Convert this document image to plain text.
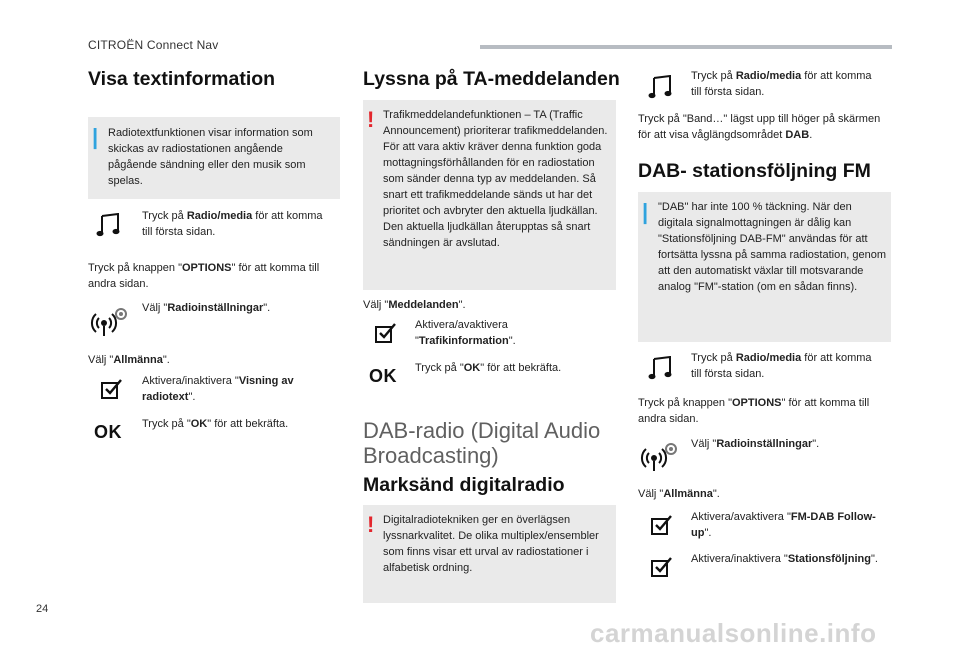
CITROËN Connect Nav
24
Visa textinformation
| Radiotextfunktionen visar information som skickas av radiostationen angående pågående sändning eller den musik som spelas.
Tryck på Radio/media för att komma till första sidan.
Tryck på knappen "OPTIONS" för att komma till andra sidan.
Välj "Radioinställningar".
Välj "Allmänna".
Aktivera/inaktivera "Visning av radiotext".
OK Tryck på "OK" för att bekräfta.
Lyssna på TA-meddelanden
! Trafikmeddelandefunktionen – TA (Traffic Announcement) prioriterar trafikmeddelanden. För att vara aktiv kräver denna funktion goda mottagningsförhållanden för en radiostation som sänder denna typ av meddelanden. Så snart ett trafikmeddelande sänds ut har det prioritet och avbryter den aktuella ljudkällan. Den aktuella ljudkällan återupptas så snart sändningen är avslutad.
Välj "Meddelanden".
Aktivera/avaktivera "Trafikinformation".
OK Tryck på "OK" för att bekräfta.
DAB-radio (Digital Audio Broadcasting)
Marksänd digitalradio
! Digitalradiotekniken ger en överlägsen lyssnarkvalitet. De olika multiplex/ensembler som finns visar ett urval av radiostationer i alfabetisk ordning.
Tryck på Radio/media för att komma till första sidan.
Tryck på "Band…" lägst upp till höger på skärmen för att visa våglängdsområdet DAB.
DAB- stationsföljning FM
| "DAB" har inte 100 % täckning. När den digitala signalmottagningen är dålig kan "Stationsföljning DAB-FM" användas för att fortsätta lyssna på samma radiostation, genom att den automatiskt växlar till motsvarande analog "FM"-station (om en sådan finns).
Tryck på Radio/media för att komma till första sidan.
Tryck på knappen "OPTIONS" för att komma till andra sidan.
Välj "Radioinställningar".
Välj "Allmänna".
Aktivera/avaktivera "FM-DAB Follow-up".
Aktivera/inaktivera "Stationsföljning".
carmanualsonline.info
